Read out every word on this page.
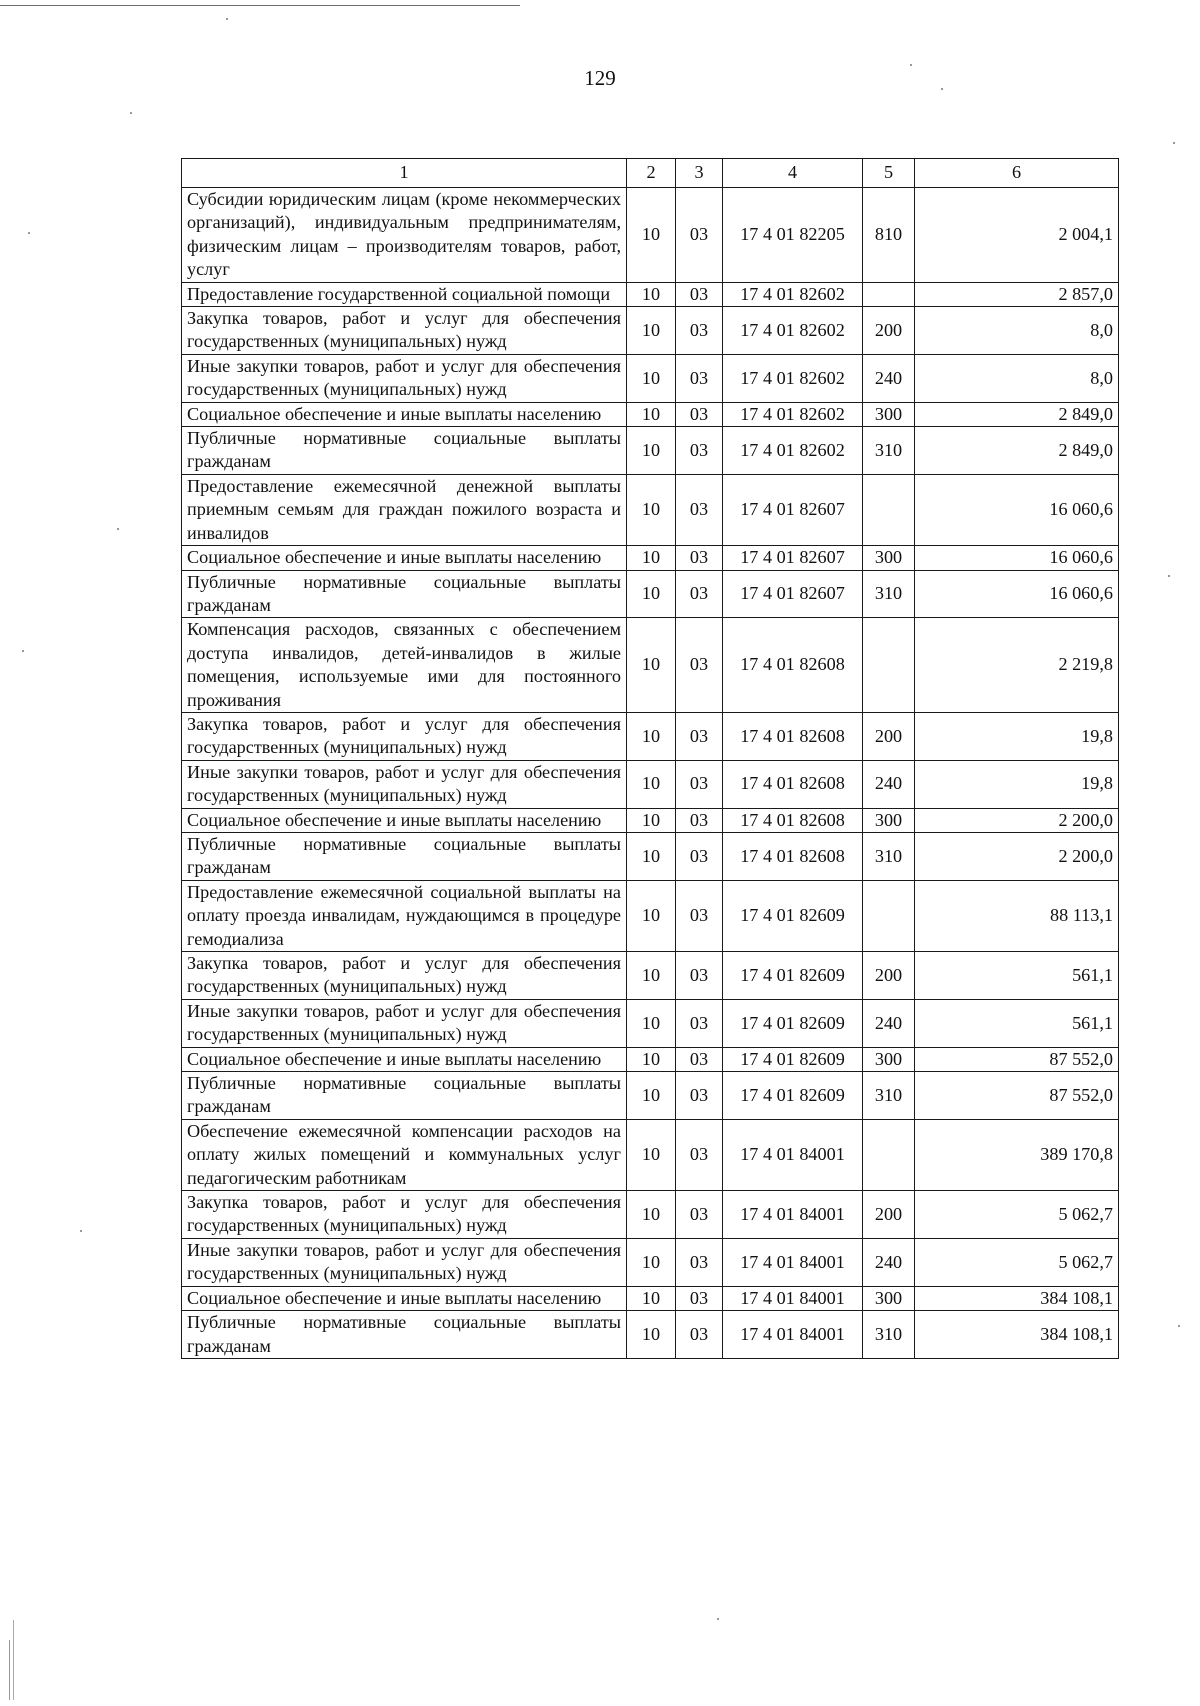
129
1	2	3	4	5	6
Субсидии юридическим лицам (кроме некоммерческих организаций), индивидуальным предпринимателям, физическим лицам – производителям товаров, работ, услуг	10	03	17 4 01 82205	810	2 004,1
Предоставление государственной социальной помощи	10	03	17 4 01 82602		2 857,0
Закупка товаров, работ и услуг для обеспечения государственных (муниципальных) нужд	10	03	17 4 01 82602	200	8,0
Иные закупки товаров, работ и услуг для обеспечения государственных (муниципальных) нужд	10	03	17 4 01 82602	240	8,0
Социальное обеспечение и иные выплаты населению	10	03	17 4 01 82602	300	2 849,0
Публичные нормативные социальные выплаты гражданам	10	03	17 4 01 82602	310	2 849,0
Предоставление ежемесячной денежной выплаты приемным семьям для граждан пожилого возраста и инвалидов	10	03	17 4 01 82607		16 060,6
Социальное обеспечение и иные выплаты населению	10	03	17 4 01 82607	300	16 060,6
Публичные нормативные социальные выплаты гражданам	10	03	17 4 01 82607	310	16 060,6
Компенсация расходов, связанных с обеспечением доступа инвалидов, детей-инвалидов в жилые помещения, используемые ими для постоянного проживания	10	03	17 4 01 82608		2 219,8
Закупка товаров, работ и услуг для обеспечения государственных (муниципальных) нужд	10	03	17 4 01 82608	200	19,8
Иные закупки товаров, работ и услуг для обеспечения государственных (муниципальных) нужд	10	03	17 4 01 82608	240	19,8
Социальное обеспечение и иные выплаты населению	10	03	17 4 01 82608	300	2 200,0
Публичные нормативные социальные выплаты гражданам	10	03	17 4 01 82608	310	2 200,0
Предоставление ежемесячной социальной выплаты на оплату проезда инвалидам, нуждающимся в процедуре гемодиализа	10	03	17 4 01 82609		88 113,1
Закупка товаров, работ и услуг для обеспечения государственных (муниципальных) нужд	10	03	17 4 01 82609	200	561,1
Иные закупки товаров, работ и услуг для обеспечения государственных (муниципальных) нужд	10	03	17 4 01 82609	240	561,1
Социальное обеспечение и иные выплаты населению	10	03	17 4 01 82609	300	87 552,0
Публичные нормативные социальные выплаты гражданам	10	03	17 4 01 82609	310	87 552,0
Обеспечение ежемесячной компенсации расходов на оплату жилых помещений и коммунальных услуг педагогическим работникам	10	03	17 4 01 84001		389 170,8
Закупка товаров, работ и услуг для обеспечения государственных (муниципальных) нужд	10	03	17 4 01 84001	200	5 062,7
Иные закупки товаров, работ и услуг для обеспечения государственных (муниципальных) нужд	10	03	17 4 01 84001	240	5 062,7
Социальное обеспечение и иные выплаты населению	10	03	17 4 01 84001	300	384 108,1
Публичные нормативные социальные выплаты гражданам	10	03	17 4 01 84001	310	384 108,1
